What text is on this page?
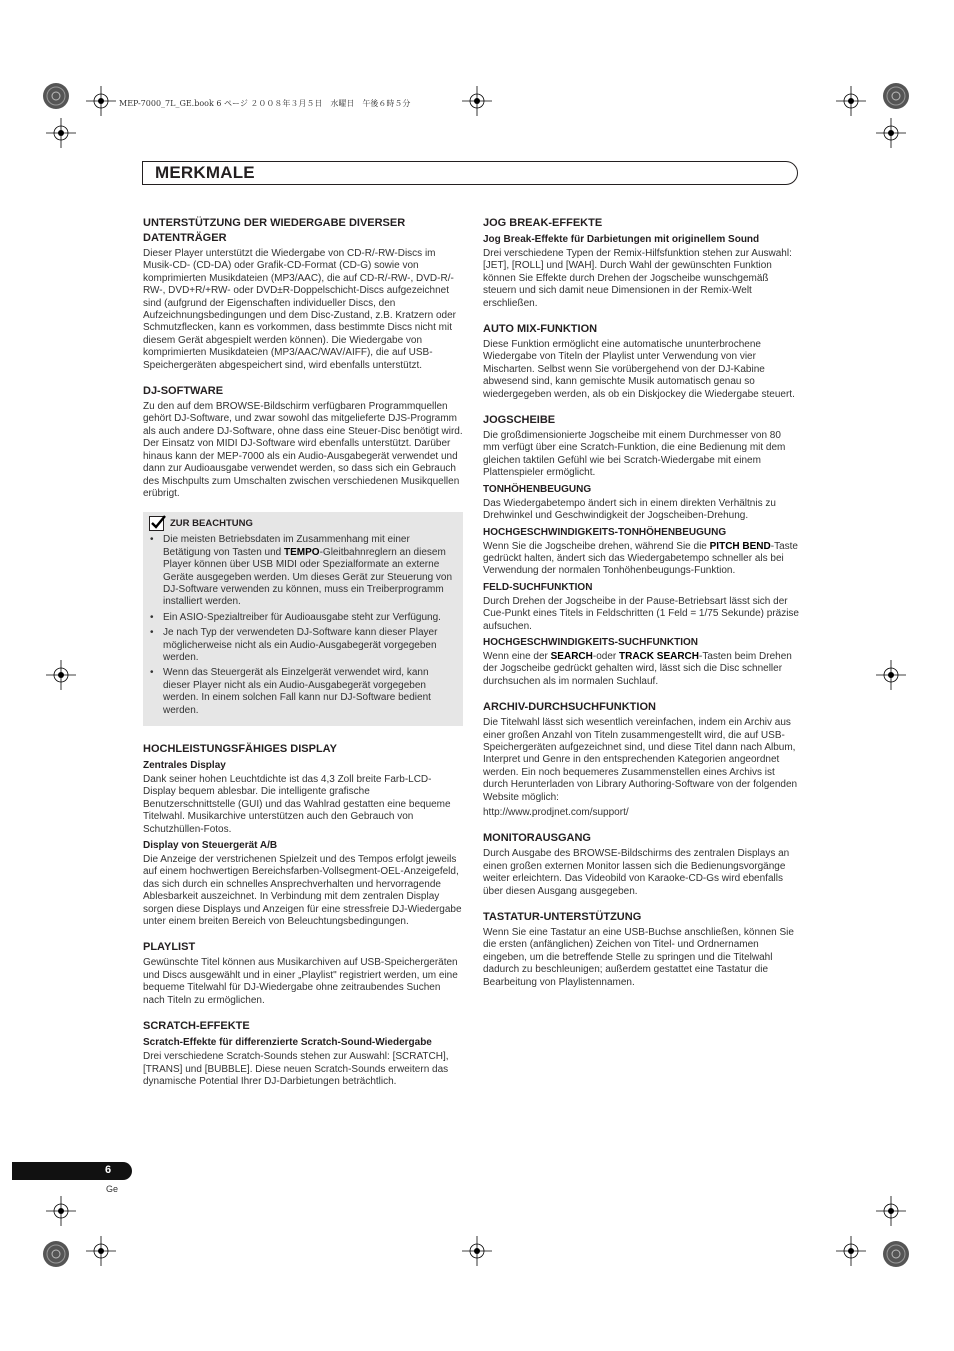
MEP-7000_7L_GE.book 6 ページ ２００８年３月５日　水曜日　午後６時５分
MERKMALE
UNTERSTÜTZUNG DER WIEDERGABE DIVERSER
DATENTRÄGER

Dieser Player unterstützt die Wiedergabe von CD-R/-RW-Discs im Musik-CD- (CD-DA) oder Grafik-CD-Format (CD-G) sowie von komprimierten Musikdateien (MP3/AAC), die auf CD-R/-RW-, DVD-R/-RW-, DVD+R/+RW- oder DVD±R-Doppelschicht-Discs aufgezeichnet sind (aufgrund der Eigenschaften individueller Discs, den Aufzeichnungsbedingungen und dem Disc-Zustand, z.B. Kratzern oder Schmutzflecken, kann es vorkommen, dass bestimmte Discs nicht mit diesem Gerät abgespielt werden können). Die Wiedergabe von komprimierten Musikdateien (MP3/AAC/WAV/AIFF), die auf USB-Speichergeräten abgespeichert sind, wird ebenfalls unterstützt.

DJ-SOFTWARE

Zu den auf dem BROWSE-Bildschirm verfügbaren Programmquellen gehört DJ-Software, und zwar sowohl das mitgelieferte DJS-Programm als auch andere DJ-Software, ohne dass eine Steuer-Disc benötigt wird. Der Einsatz von MIDI DJ-Software wird ebenfalls unterstützt. Darüber hinaus kann der MEP-7000 als ein Audio-Ausgabegerät verwendet und dann zur Audioausgabe verwendet werden, so dass sich ein Gebrauch des Mischpults zum Umschalten zwischen verschiedenen Musikquellen erübrigt.

ZUR BEACHTUNG
• Die meisten Betriebsdaten im Zusammenhang mit einer Betätigung von Tasten und TEMPO-Gleitbahnreglern an diesem Player können über USB MIDI oder Spezialformate an externe Geräte ausgegeben werden. Um dieses Gerät zur Steuerung von DJ-Software verwenden zu können, muss ein Treiberprogramm installiert werden.
• Ein ASIO-Spezialtreiber für Audioausgabe steht zur Verfügung.
• Je nach Typ der verwendeten DJ-Software kann dieser Player möglicherweise nicht als ein Audio-Ausgabegerät vorgegeben werden.
• Wenn das Steuergerät als Einzelgerät verwendet wird, kann dieser Player nicht als ein Audio-Ausgabegerät vorgegeben werden. In einem solchen Fall kann nur DJ-Software bedient werden.
HOCHLEISTUNGSFÄHIGES DISPLAY
Zentrales Display

Dank seiner hohen Leuchtdichte ist das 4,3 Zoll breite Farb-LCD-Display bequem ablesbar. Die intelligente grafische Benutzerschnittstelle (GUI) und das Wahlrad gestatten eine bequeme Titelwahl. Musikarchive unterstützen auch den Gebrauch von Schutzhüllen-Fotos.

Display von Steuergerät A/B

Die Anzeige der verstrichenen Spielzeit und des Tempos erfolgt jeweils auf einem hochwertigen Bereichsfarben-Vollsegment-OEL-Anzeigefeld, das sich durch ein schnelles Ansprechverhalten und hervorragende Ablesbarkeit auszeichnet. In Verbindung mit dem zentralen Display sorgen diese Displays und Anzeigen für eine stressfreie DJ-Wiedergabe unter einem breiten Bereich von Beleuchtungsbedingungen.

PLAYLIST

Gewünschte Titel können aus Musikarchiven auf USB-Speichergeräten und Discs ausgewählt und in einer „Playlist" registriert werden, um eine bequeme Titelwahl für DJ-Wiedergabe ohne zeitraubendes Suchen nach Titeln zu ermöglichen.

SCRATCH-EFFEKTE
Scratch-Effekte für differenzierte Scratch-Sound-Wiedergabe

Drei verschiedene Scratch-Sounds stehen zur Auswahl: [SCRATCH], [TRANS] und [BUBBLE]. Diese neuen Scratch-Sounds erweitern das dynamische Potential Ihrer DJ-Darbietungen beträchtlich.

JOG BREAK-EFFEKTE
Jog Break-Effekte für Darbietungen mit originellem Sound

Drei verschiedene Typen der Remix-Hilfsfunktion stehen zur Auswahl: [JET], [ROLL] und [WAH]. Durch Wahl der gewünschten Funktion können Sie Effekte durch Drehen der Jogscheibe wunschgemäß steuern und sich damit neue Dimensionen in der Remix-Welt erschließen.

AUTO MIX-FUNKTION

Diese Funktion ermöglicht eine automatische ununterbrochene Wiedergabe von Titeln der Playlist unter Verwendung von vier Mischarten. Selbst wenn Sie vorübergehend von der DJ-Kabine abwesend sind, kann gemischte Musik automatisch genau so wiedergegeben werden, als ob ein Diskjockey die Wiedergabe steuert.

JOGSCHEIBE

Die großdimensionierte Jogscheibe mit einem Durchmesser von 80 mm verfügt über eine Scratch-Funktion, die eine Bedienung mit dem gleichen taktilen Gefühl wie bei Scratch-Wiedergabe mit einem Plattenspieler ermöglicht.

TONHÖHENBEUGUNG

Das Wiedergabetempo ändert sich in einem direkten Verhältnis zu Drehwinkel und Geschwindigkeit der Jogscheiben-Drehung.

HOCHGESCHWINDIGKEITS-TONHÖHENBEUGUNG

Wenn Sie die Jogscheibe drehen, während Sie die PITCH BEND-Taste gedrückt halten, ändert sich das Wiedergabetempo schneller als bei Verwendung der normalen Tonhöhenbeugungs-Funktion.

FELD-SUCHFUNKTION

Durch Drehen der Jogscheibe in der Pause-Betriebsart lässt sich der Cue-Punkt eines Titels in Feldschritten (1 Feld = 1/75 Sekunde) präzise aufsuchen.

HOCHGESCHWINDIGKEITS-SUCHFUNKTION

Wenn eine der SEARCH-oder TRACK SEARCH-Tasten beim Drehen der Jogscheibe gedrückt gehalten wird, lässt sich die Disc schneller durchsuchen als im normalen Suchlauf.

ARCHIV-DURCHSUCHFUNKTION

Die Titelwahl lässt sich wesentlich vereinfachen, indem ein Archiv aus einer großen Anzahl von Titeln zusammengestellt wird, die auf USB-Speichergeräten aufgezeichnet sind, und diese Titel dann nach Album, Interpret und Genre in den entsprechenden Kategorien angeordnet werden. Ein noch bequemeres Zusammenstellen eines Archivs ist durch Herunterladen von Library Authoring-Software von der folgenden Website möglich:

http://www.prodjnet.com/support/

MONITORAUSGANG

Durch Ausgabe des BROWSE-Bildschirms des zentralen Displays an einen großen externen Monitor lassen sich die Bedienungsvorgänge weiter erleichtern. Das Videobild von Karaoke-CD-Gs wird ebenfalls über diesen Ausgang ausgegeben.

TASTATUR-UNTERSTÜTZUNG

Wenn Sie eine Tastatur an eine USB-Buchse anschließen, können Sie die ersten (anfänglichen) Zeichen von Titel- und Ordnernamen eingeben, um die betreffende Stelle zu springen und die Titelwahl dadurch zu beschleunigen; außerdem gestattet eine Tastatur die Bearbeitung von Playlistennamen.

6
Ge
